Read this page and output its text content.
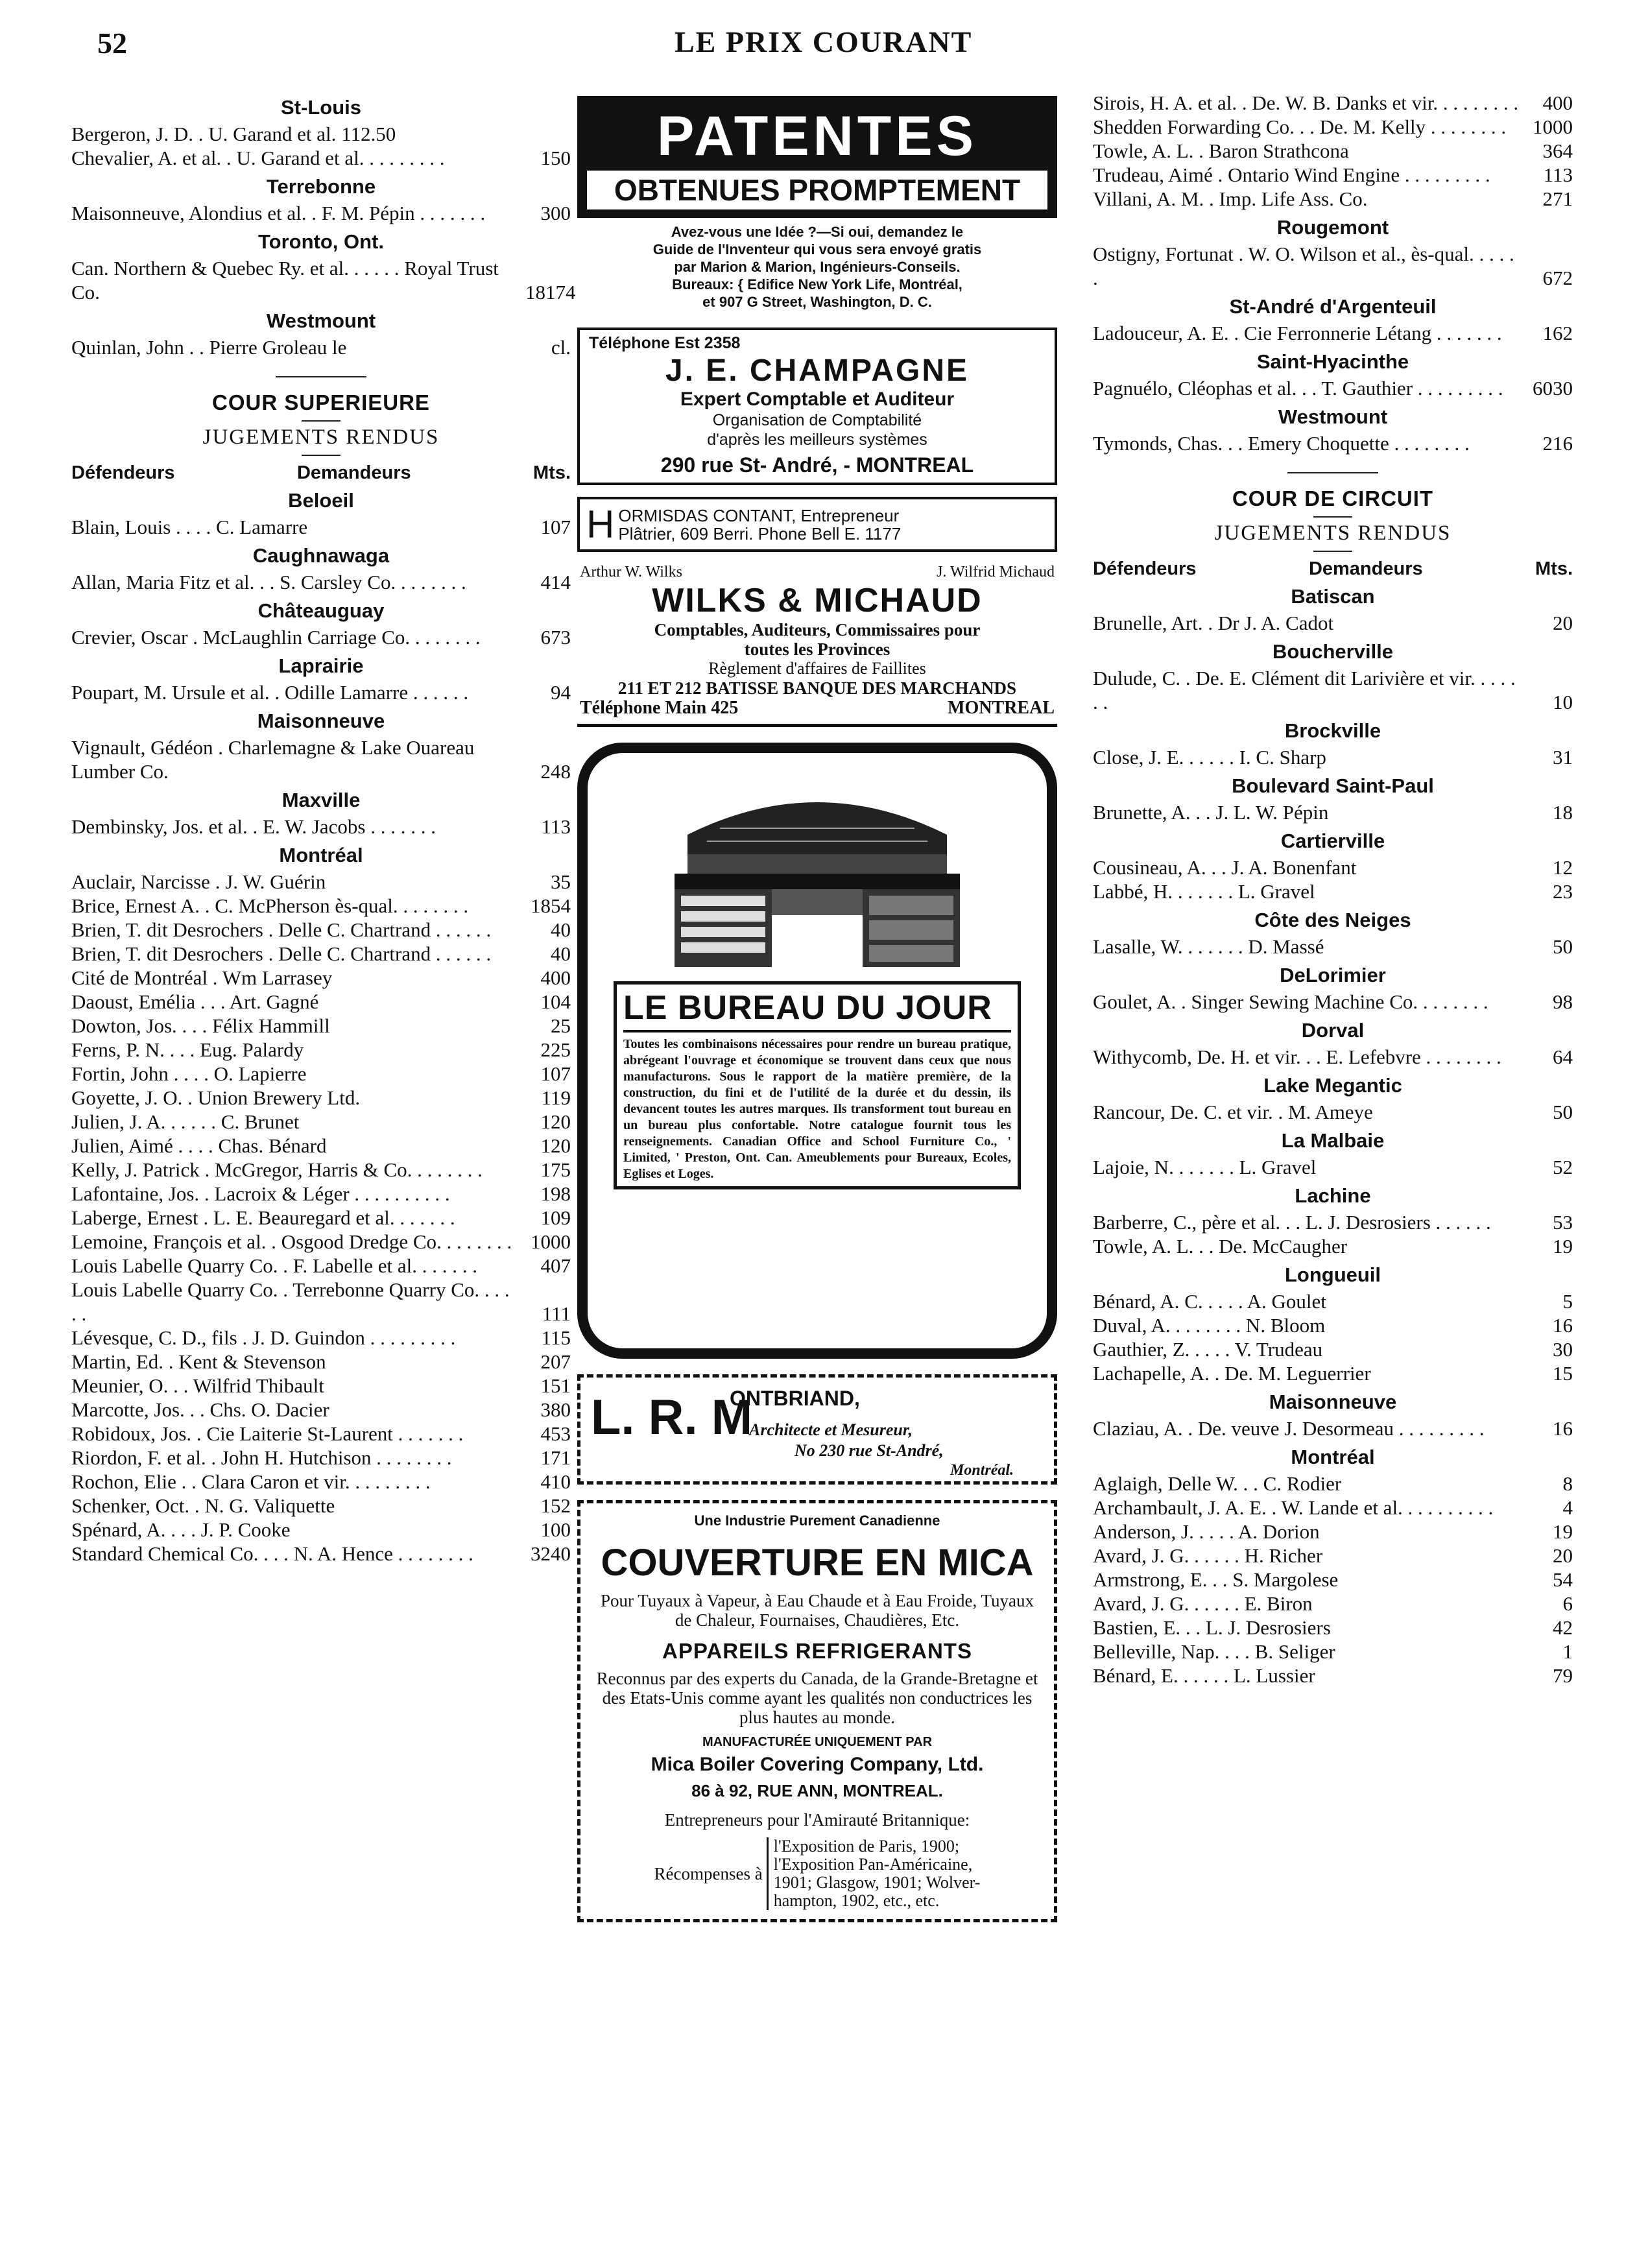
52	LE PRIX COURANT
St-Louis
Bergeron, J. D. . U. Garand et al. 112.50
Chevalier, A. et al. . U. Garand et al. . . . . . . . .	150
Terrebonne
Maisonneuve, Alondius et al. . F. M. Pépin . . . . . . .	300
Toronto, Ont.
Can. Northern & Quebec Ry. et al. . . . . . Royal Trust Co.	18174
Westmount
Quinlan, John . . Pierre Groleau le	cl.
COUR SUPERIEURE
JUGEMENTS RENDUS
Défendeurs	Demandeurs	Mts.
Beloeil
Blain, Louis . . . . C. Lamarre	107
Caughnawaga
Allan, Maria Fitz et al. . . S. Carsley Co. . . . . . . .	414
Châteauguay
Crevier, Oscar . McLaughlin Carriage Co. . . . . . . .	673
Laprairie
Poupart, M. Ursule et al. . Odille Lamarre . . . . . .	94
Maisonneuve
Vignault, Gédéon . Charlemagne & Lake Ouareau Lumber Co.	248
Maxville
Dembinsky, Jos. et al. . E. W. Jacobs . . . . . . .	113
Montréal
Auclair, Narcisse . J. W. Guérin	35
Brice, Ernest A. . C. McPherson ès-qual. . . . . . . .	1854
Brien, T. dit Desrochers . Delle C. Chartrand . . . . . .	40
Brien, T. dit Desrochers . Delle C. Chartrand . . . . . .	40
Cité de Montréal . Wm Larrasey	400
Daoust, Emélia . . . Art. Gagné	104
Dowton, Jos. . . . Félix Hammill	25
Ferns, P. N. . . . Eug. Palardy	225
Fortin, John . . . . O. Lapierre	107
Goyette, J. O. . Union Brewery Ltd.	119
Julien, J. A. . . . . . C. Brunet	120
Julien, Aimé . . . . Chas. Bénard	120
Kelly, J. Patrick . McGregor, Harris & Co. . . . . . . .	175
Lafontaine, Jos. . Lacroix & Léger . . . . . . . . . .	198
Laberge, Ernest . L. E. Beauregard et al. . . . . . .	109
Lemoine, François et al. . Osgood Dredge Co. . . . . . . . 1000
Louis Labelle Quarry Co. . F. Labelle et al. . . . . . .	407
Louis Labelle Quarry Co. . Terrebonne Quarry Co. . . . . .	111
Lévesque, C. D., fils . J. D. Guindon . . . . . . . . .	115
Martin, Ed. . Kent & Stevenson	207
Meunier, O. . . Wilfrid Thibault	151
Marcotte, Jos. . . Chs. O. Dacier	380
Robidoux, Jos. . Cie Laiterie St-Laurent . . . . . . .	453
Riordon, F. et al. . John H. Hutchison . . . . . . . .	171
Rochon, Elie . . Clara Caron et vir. . . . . . . . .	410
Schenker, Oct. . N. G. Valiquette	152
Spénard, A. . . . J. P. Cooke	100
Standard Chemical Co. . . . N. A. Hence . . . . . . . .	3240
PATENTES
OBTENUES PROMPTEMENT
Avez-vous une Idée ?—Si oui, demandez le
Guide de l'Inventeur qui vous sera envoyé gratis
par Marion & Marion, Ingénieurs-Conseils.
Bureaux: { Edifice New York Life, Montréal,
et 907 G Street, Washington, D. C.
Téléphone Est 2358
J. E. CHAMPAGNE
Expert Comptable et Auditeur
Organisation de Comptabilité
d'après les meilleurs systèmes
290 rue St- André, - MONTREAL
H ORMISDAS CONTANT, Entrepreneur
Plâtrier, 609 Berri. Phone Bell E. 1177
Arthur W. Wilks	J. Wilfrid Michaud
WILKS & MICHAUD
Comptables, Auditeurs, Commissaires pour
toutes les Provinces
Règlement d'affaires de Faillites
211 ET 212 BATISSE BANQUE DES MARCHANDS
Téléphone Main 425	MONTREAL
LE BUREAU DU JOUR
Toutes les combinaisons nécessaires pour rendre un bureau pratique, abrégeant l'ouvrage et économique se trouvent dans ceux que nous manufacturons. Sous le rapport de la matière première, de la construction, du fini et de l'utilité de la durée et du dessin, ils devancent toutes les autres marques. Ils transforment tout bureau en un bureau plus confortable. Notre catalogue fournit tous les renseignements. Canadian Office and School Furniture Co., ' Limited, ' Preston, Ont. Can. Ameublements pour Bureaux, Ecoles, Eglises et Loges.
L. R. M
ONTBRIAND,
Architecte et Mesureur,
No 230 rue St-André,
Montréal.
Une Industrie Purement Canadienne
COUVERTURE EN MICA
Pour Tuyaux à Vapeur, à Eau Chaude et à Eau Froide, Tuyaux de Chaleur, Fournaises, Chaudières, Etc.
APPAREILS REFRIGERANTS
Reconnus par des experts du Canada, de la Grande-Bretagne et des Etats-Unis comme ayant les qualités non conductrices les plus hautes au monde.
MANUFACTURÉE UNIQUEMENT PAR
Mica Boiler Covering Company, Ltd.
86 à 92, RUE ANN, MONTREAL.
Entrepreneurs pour l'Amirauté Britannique:
Récompenses à
l'Exposition de Paris, 1900;
l'Exposition Pan-Américaine,
1901; Glasgow, 1901; Wolver-
hampton, 1902, etc., etc.
Sirois, H. A. et al. . De. W. B. Danks et vir. . . . . . . . .	400
Shedden Forwarding Co. . . De. M. Kelly . . . . . . . .	1000
Towle, A. L. . Baron Strathcona	364
Trudeau, Aimé . Ontario Wind Engine . . . . . . . . .	113
Villani, A. M. . Imp. Life Ass. Co.	271
Rougemont
Ostigny, Fortunat . W. O. Wilson et al., ès-qual. . . . . .	672
St-André d'Argenteuil
Ladouceur, A. E. . Cie Ferronnerie Létang . . . . . . .	162
Saint-Hyacinthe
Pagnuélo, Cléophas et al. . . T. Gauthier . . . . . . . . .	6030
Westmount
Tymonds, Chas. . . Emery Choquette . . . . . . . .	216
COUR DE CIRCUIT
JUGEMENTS RENDUS
Défendeurs	Demandeurs	Mts.
Batiscan
Brunelle, Art. . Dr J. A. Cadot	20
Boucherville
Dulude, C. . De. E. Clément dit Larivière et vir. . . . . . .	10
Brockville
Close, J. E. . . . . . I. C. Sharp	31
Boulevard Saint-Paul
Brunette, A. . . J. L. W. Pépin	18
Cartierville
Cousineau, A. . . J. A. Bonenfant	12
Labbé, H. . . . . . . L. Gravel	23
Côte des Neiges
Lasalle, W. . . . . . . D. Massé	50
DeLorimier
Goulet, A. . Singer Sewing Machine Co. . . . . . . .	98
Dorval
Withycomb, De. H. et vir. . . E. Lefebvre . . . . . . . .	64
Lake Megantic
Rancour, De. C. et vir. . M. Ameye	50
La Malbaie
Lajoie, N. . . . . . . L. Gravel	52
Lachine
Barberre, C., père et al. . . L. J. Desrosiers . . . . . .	53
Towle, A. L. . . De. McCaugher	19
Longueuil
Bénard, A. C. . . . . A. Goulet	5
Duval, A. . . . . . . . N. Bloom	16
Gauthier, Z. . . . . V. Trudeau	30
Lachapelle, A. . De. M. Leguerrier	15
Maisonneuve
Claziau, A. . De. veuve J. Desormeau . . . . . . . . .	16
Montréal
Aglaigh, Delle W. . . C. Rodier	8
Archambault, J. A. E. . W. Lande et al. . . . . . . . . .	4
Anderson, J. . . . . A. Dorion	19
Avard, J. G. . . . . . H. Richer	20
Armstrong, E. . . S. Margolese	54
Avard, J. G. . . . . . E. Biron	6
Bastien, E. . . L. J. Desrosiers	42
Belleville, Nap. . . . B. Seliger	1
Bénard, E. . . . . . L. Lussier	79
